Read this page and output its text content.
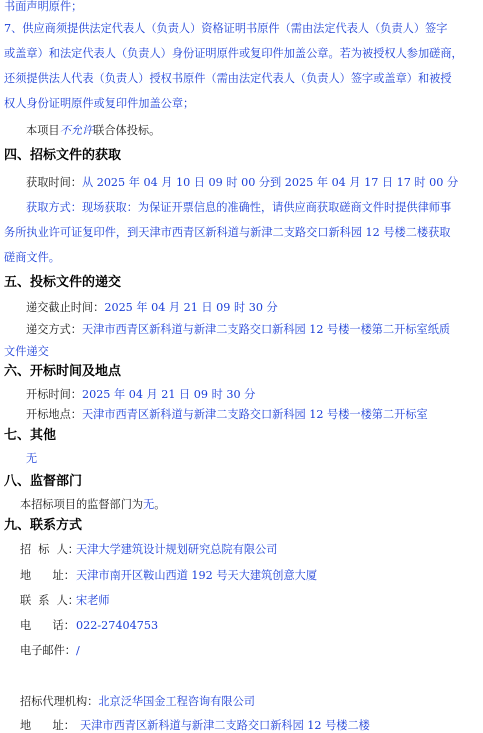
书面声明原件；
7、供应商须提供法定代表人（负责人）资格证明书原件（需由法定代表人（负责人）签字
或盖章）和法定代表人（负责人）身份证明原件或复印件加盖公章。若为被授权人参加磋商，
还须提供法人代表（负责人）授权书原件（需由法定代表人（负责人）签字或盖章）和被授
权人身份证明原件或复印件加盖公章；
本项目不允许联合体投标。
四、招标文件的获取
获取时间：从 2025 年 04 月 10 日 09 时 00 分到 2025 年 04 月 17 日 17 时 00 分
获取方式：现场获取：为保证开票信息的准确性，请供应商获取磋商文件时提供律师事
务所执业许可证复印件，到天津市西青区新科道与新津二支路交口新科园 12 号楼二楼获取
磋商文件。
五、投标文件的递交
递交截止时间：2025 年 04 月 21 日 09 时 30 分
递交方式：天津市西青区新科道与新津二支路交口新科园 12 号楼一楼第二开标室纸质
文件递交
六、开标时间及地点
开标时间：2025 年 04 月 21 日 09 时 30 分
开标地点：天津市西青区新科道与新津二支路交口新科园 12 号楼一楼第二开标室
七、其他
无
八、监督部门
本招标项目的监督部门为无。
九、联系方式
招  标  人：天津大学建筑设计规划研究总院有限公司
地      址：天津市南开区鞍山西道 192 号天大建筑创意大厦
联  系  人：宋老师
电      话：022-27404753
电子邮件：/
招标代理机构：北京泛华国金工程咨询有限公司
地      址： 天津市西青区新科道与新津二支路交口新科园 12 号楼二楼
